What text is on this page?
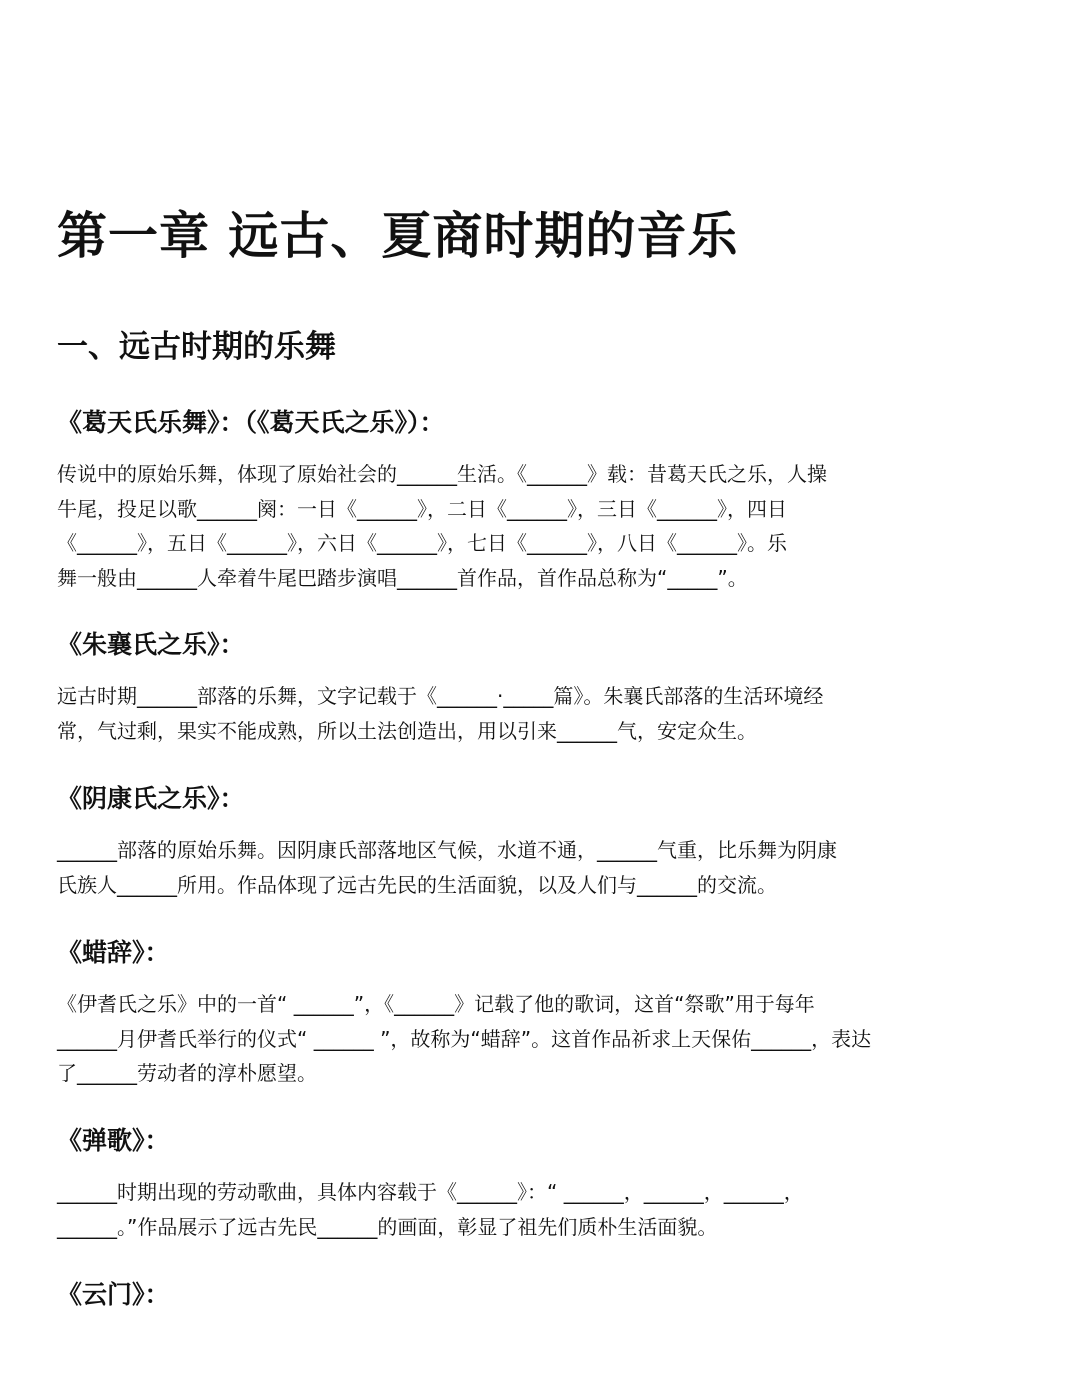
第一章 远古、夏商时期的音乐
一、远古时期的乐舞
《葛天氏乐舞》：（《葛天氏之乐》）：
传说中的原始乐舞，体现了原始社会的______生活。《______》载：昔葛天氏之乐，人操
牛尾，投足以歌______阕：一日《______》，二日《______》，三日《______》，四日
《______》，五日《______》，六日《______》，七日《______》，八日《______》。乐
舞一般由______人牵着牛尾巴踏步演唱______首作品，首作品总称为“_____”。
《朱襄氏之乐》：
远古时期______部落的乐舞，文字记载于《______·_____篇》。朱襄氏部落的生活环境经
常，气过剩，果实不能成熟，所以土法创造出，用以引来______气，安定众生。
《阴康氏之乐》：
______部落的原始乐舞。因阴康氏部落地区气候，水道不通，______气重，比乐舞为阴康
氏族人______所用。作品体现了远古先民的生活面貌，以及人们与______的交流。
《蜡辞》：
《伊耆氏之乐》中的一首“ ______”，《______》记载了他的歌词，这首“祭歌”用于每年
______月伊耆氏举行的仪式“ ______ ”，故称为“蜡辞”。这首作品祈求上天保佑______，表达
了______劳动者的淳朴愿望。
《弹歌》：
______时期出现的劳动歌曲，具体内容载于《______》：“ ______，______，______，
______。”作品展示了远古先民______的画面，彰显了祖先们质朴生活面貌。
《云门》：
